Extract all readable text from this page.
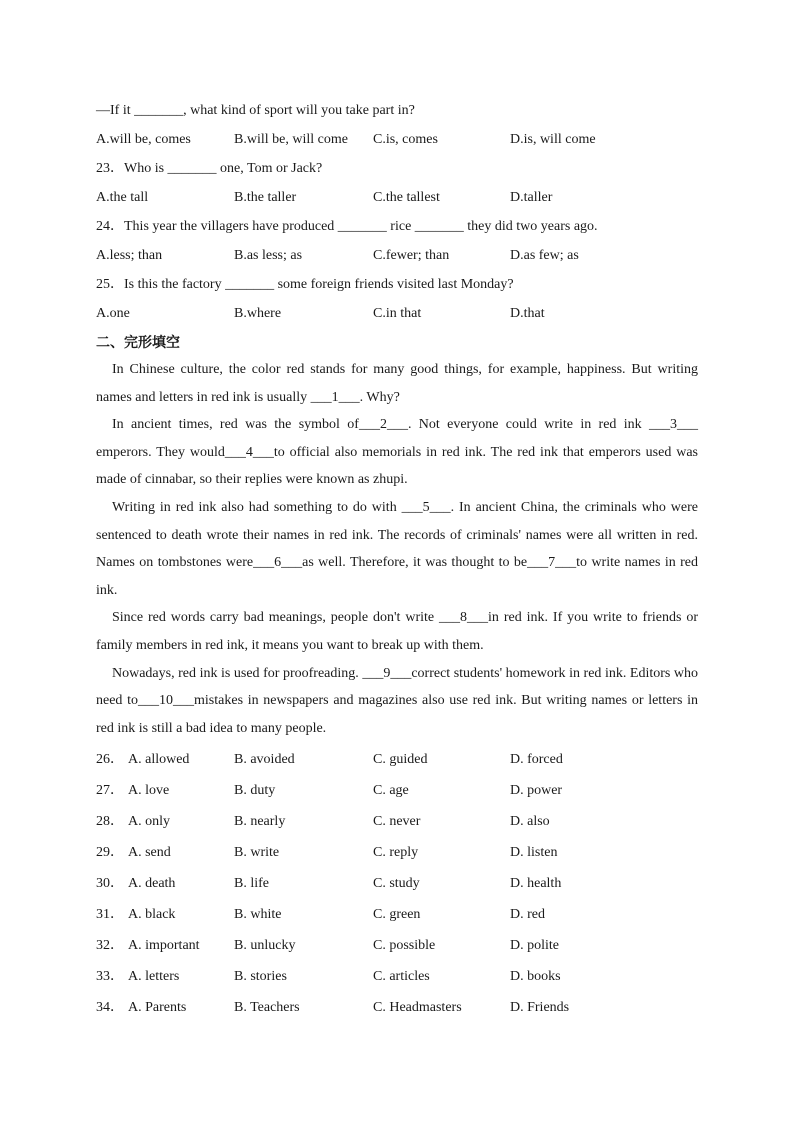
—If it _______, what kind of sport will you take part in?
A.will be, comes	B.will be, will come C.is, comes	D.is, will come
23．Who is _______ one, Tom or Jack?
A.the tall	B.the taller	C.the tallest	D.taller
24．This year the villagers have produced _______ rice _______ they did two years ago.
A.less; than	B.as less; as	C.fewer; than	D.as few; as
25．Is this the factory _______ some foreign friends visited last Monday?
A.one	B.where	C.in that	D.that
二、完形填空
In Chinese culture, the color red stands for many good things, for example, happiness. But writing names and letters in red ink is usually ___1___. Why?
In ancient times, red was the symbol of___2___. Not everyone could write in red ink ___3___ emperors. They would___4___to official also memorials in red ink. The red ink that emperors used was made of cinnabar, so their replies were known as zhupi.
Writing in red ink also had something to do with ___5___. In ancient China, the criminals who were sentenced to death wrote their names in red ink. The records of criminals' names were all written in red. Names on tombstones were___6___as well. Therefore, it was thought to be___7___to write names in red ink.
Since red words carry bad meanings, people don't write ___8___in red ink. If you write to friends or family members in red ink, it means you want to break up with them.
Nowadays, red ink is used for proofreading. ___9___correct students' homework in red ink. Editors who need to___10___mistakes in newspapers and magazines also use red ink. But writing names or letters in red ink is still a bad idea to many people.
26． A. allowed	B. avoided	C. guided	D. forced
27． A. love	B. duty	C. age	D. power
28． A. only	B. nearly	C. never	D. also
29． A. send	B. write	C. reply	D. listen
30． A. death	B. life	C. study	D. health
31． A. black	B. white	C. green	D. red
32． A. important B. unlucky	C. possible	D. polite
33． A. letters	B. stories	C. articles	D. books
34． A. Parents	B. Teachers	C. Headmasters	D. Friends
